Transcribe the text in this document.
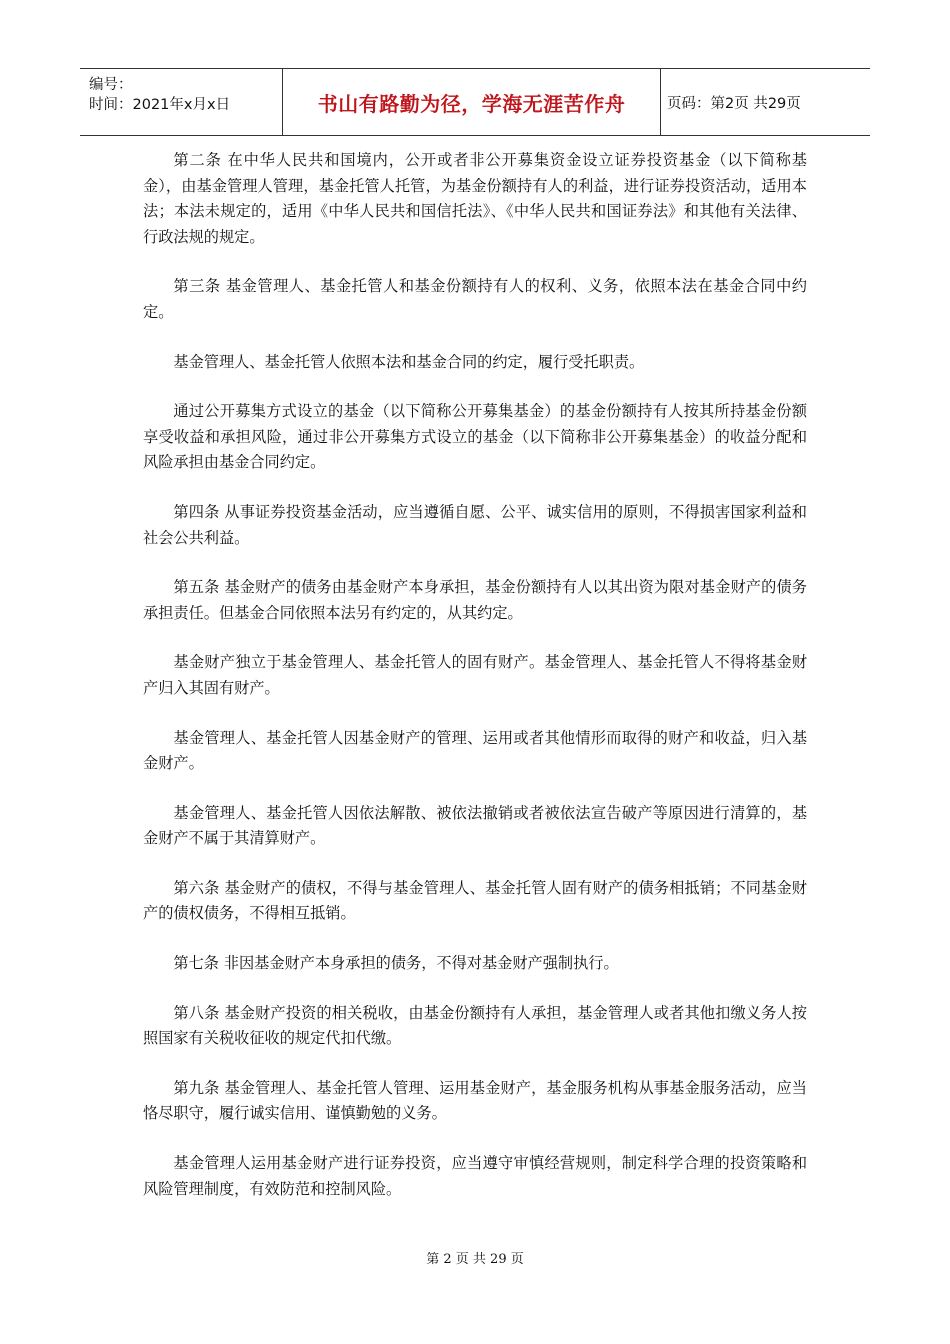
编号：
时间：2021年x月x日	书山有路勤为径，学海无涯苦作舟	页码：第2页 共29页

第二条 在中华人民共和国境内，公开或者非公开募集资金设立证券投资基金（以下简称基金），由基金管理人管理，基金托管人托管，为基金份额持有人的利益，进行证券投资活动，适用本法；本法未规定的，适用《中华人民共和国信托法》、《中华人民共和国证券法》和其他有关法律、行政法规的规定。

第三条 基金管理人、基金托管人和基金份额持有人的权利、义务，依照本法在基金合同中约定。

基金管理人、基金托管人依照本法和基金合同的约定，履行受托职责。

通过公开募集方式设立的基金（以下简称公开募集基金）的基金份额持有人按其所持基金份额享受收益和承担风险，通过非公开募集方式设立的基金（以下简称非公开募集基金）的收益分配和风险承担由基金合同约定。

第四条 从事证券投资基金活动，应当遵循自愿、公平、诚实信用的原则，不得损害国家利益和社会公共利益。

第五条 基金财产的债务由基金财产本身承担，基金份额持有人以其出资为限对基金财产的债务承担责任。但基金合同依照本法另有约定的，从其约定。

基金财产独立于基金管理人、基金托管人的固有财产。基金管理人、基金托管人不得将基金财产归入其固有财产。

基金管理人、基金托管人因基金财产的管理、运用或者其他情形而取得的财产和收益，归入基金财产。

基金管理人、基金托管人因依法解散、被依法撤销或者被依法宣告破产等原因进行清算的，基金财产不属于其清算财产。

第六条 基金财产的债权，不得与基金管理人、基金托管人固有财产的债务相抵销；不同基金财产的债权债务，不得相互抵销。

第七条 非因基金财产本身承担的债务，不得对基金财产强制执行。

第八条 基金财产投资的相关税收，由基金份额持有人承担，基金管理人或者其他扣缴义务人按照国家有关税收征收的规定代扣代缴。

第九条 基金管理人、基金托管人管理、运用基金财产，基金服务机构从事基金服务活动，应当恪尽职守，履行诚实信用、谨慎勤勉的义务。

基金管理人运用基金财产进行证券投资，应当遵守审慎经营规则，制定科学合理的投资策略和风险管理制度，有效防范和控制风险。

第 2 页 共 29 页
